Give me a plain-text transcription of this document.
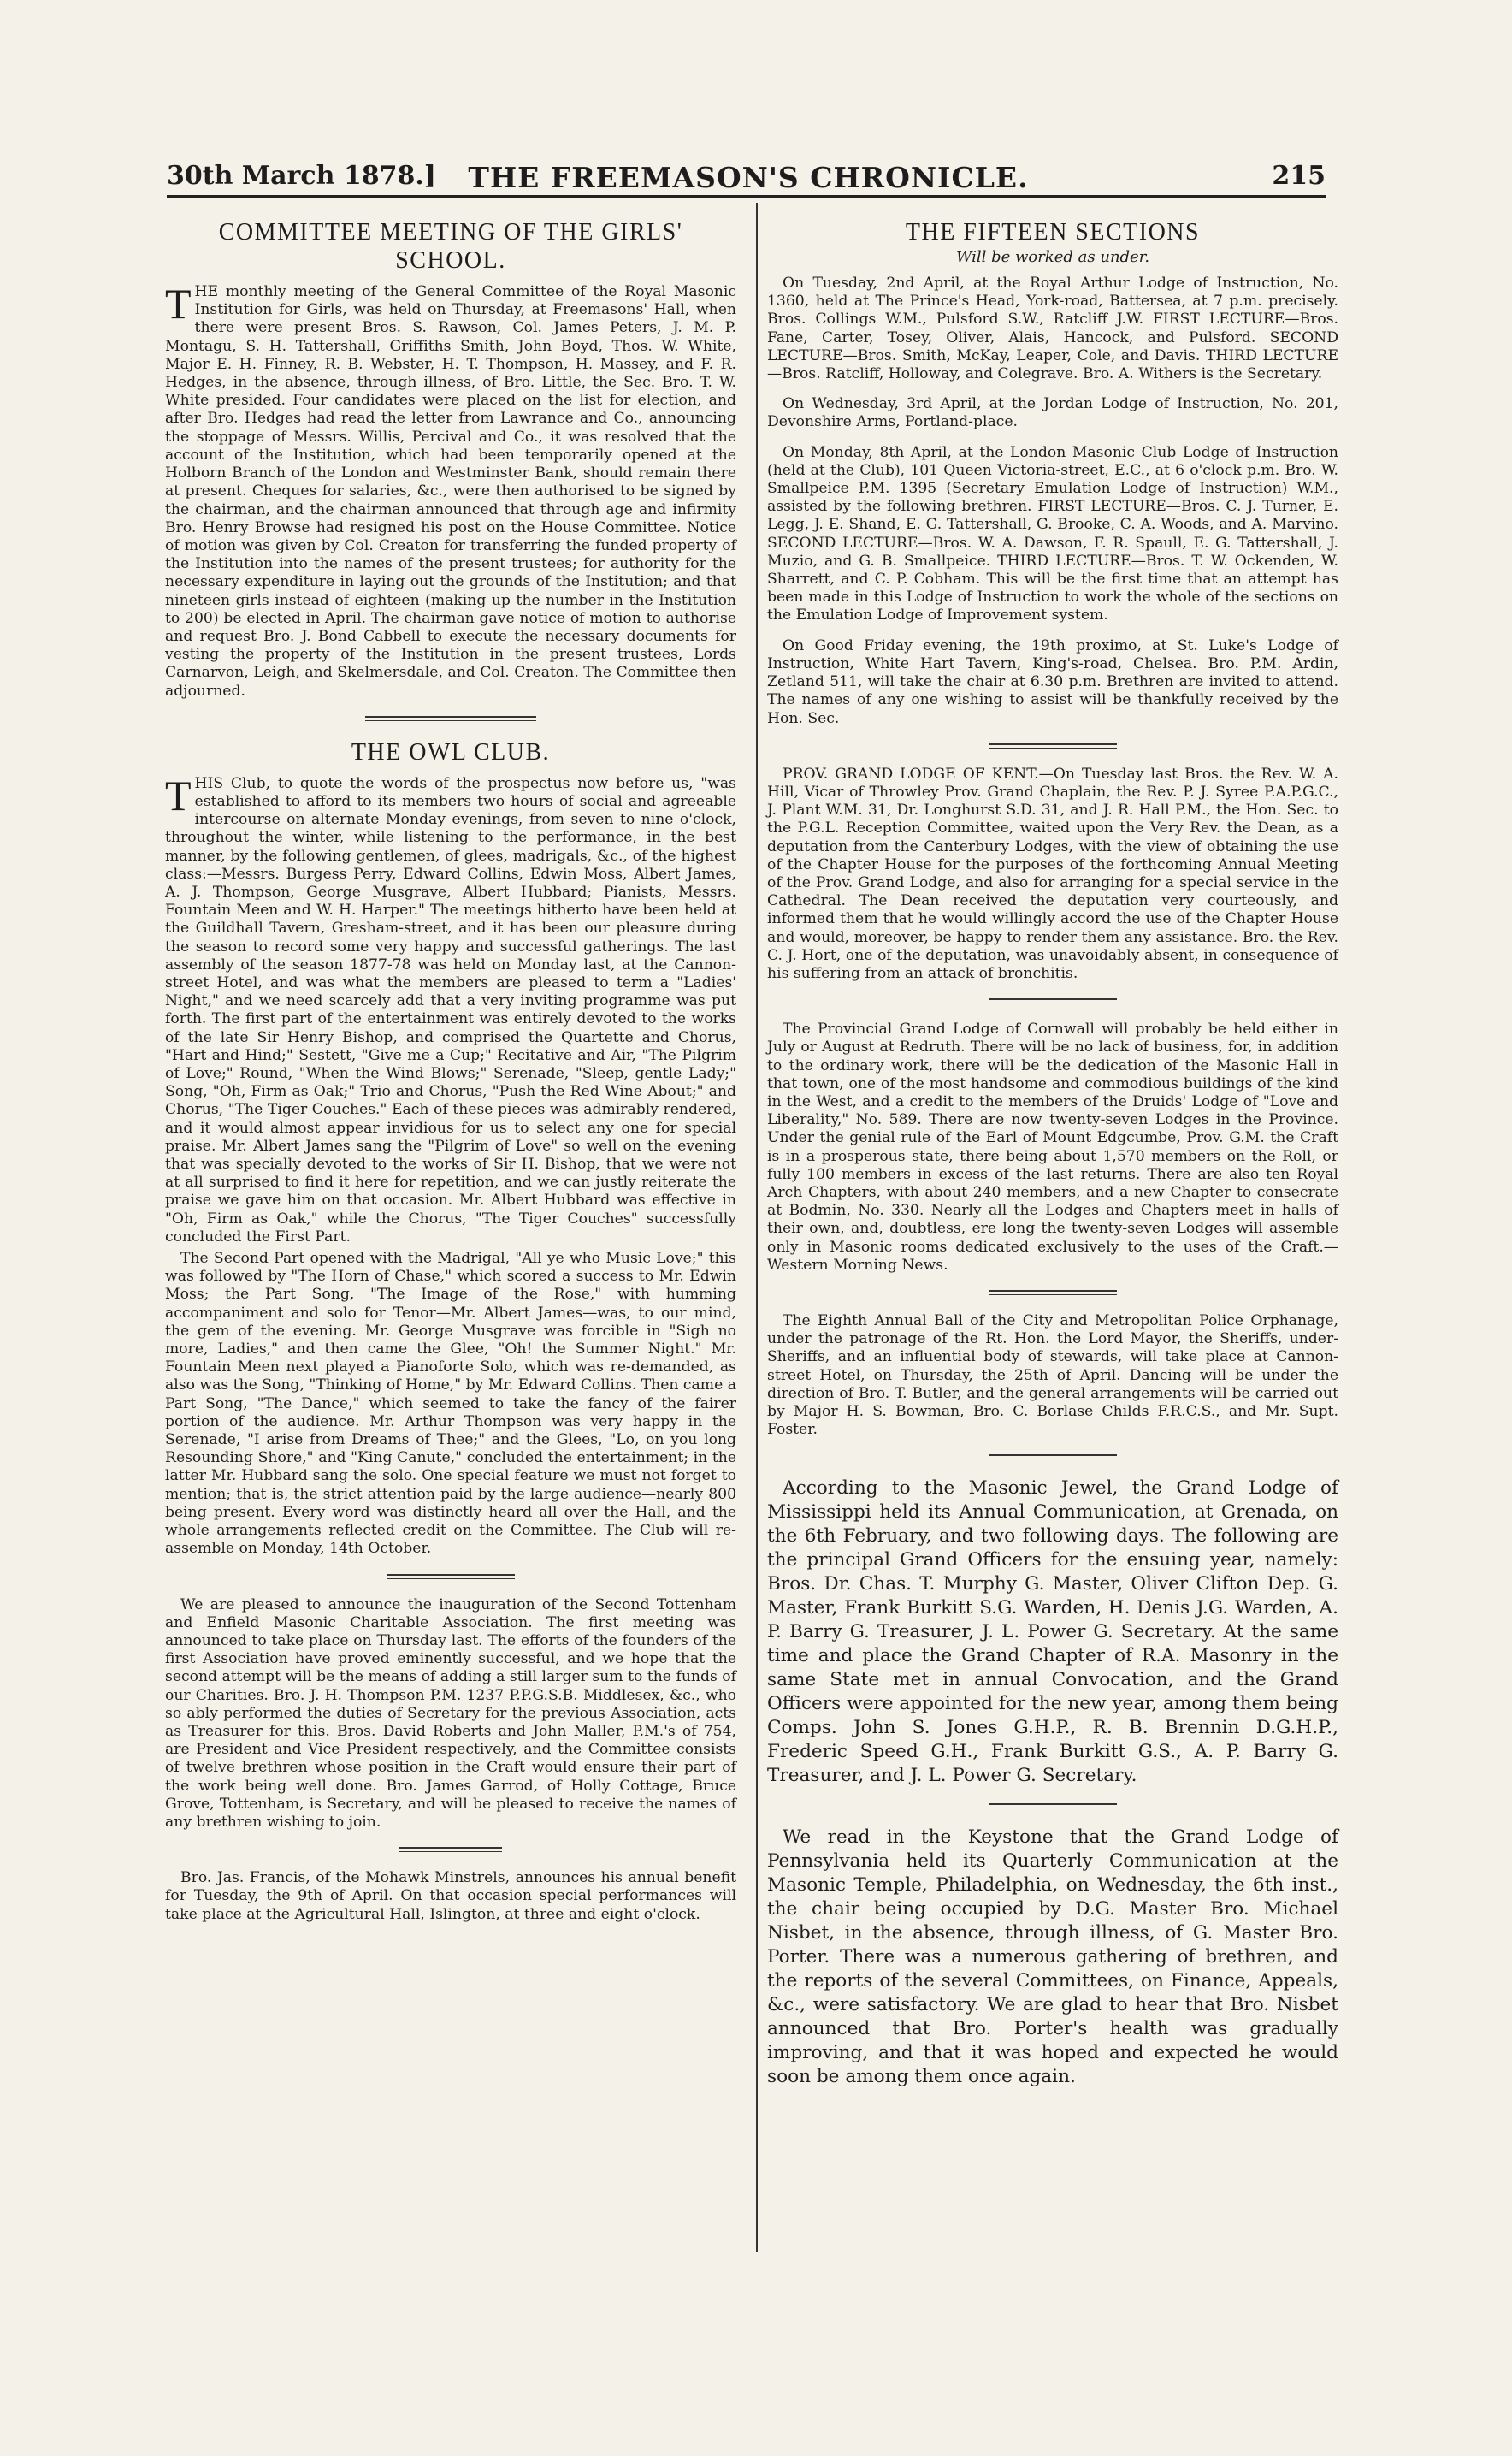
30th March 1878.]	THE FREEMASON'S CHRONICLE.	215
COMMITTEE MEETING OF THE GIRLS' SCHOOL.
T HE monthly meeting of the General Committee of the Royal Masonic Institution for Girls, was held on Thursday, at Freemasons' Hall, when there were present Bros. S. Rawson, Col. James Peters, J. M. P. Montagu, S. H. Tattershall, Griffiths Smith, John Boyd, Thos. W. White, Major E. H. Finney, R. B. Webster, H. T. Thompson, H. Massey, and F. R. Hedges, in the absence, through illness, of Bro. Little, the Sec. Bro. T. W. White presided. Four candidates were placed on the list for election, and after Bro. Hedges had read the letter from Lawrance and Co., announcing the stoppage of Messrs. Willis, Percival and Co., it was resolved that the account of the Institution, which had been temporarily opened at the Holborn Branch of the London and Westminster Bank, should remain there at present. Cheques for salaries, &c., were then authorised to be signed by the chairman, and the chairman announced that through age and infirmity Bro. Henry Browse had resigned his post on the House Committee. Notice of motion was given by Col. Creaton for transferring the funded property of the Institution into the names of the present trustees; for authority for the necessary expenditure in laying out the grounds of the Institution; and that nineteen girls instead of eighteen (making up the number in the Institution to 200) be elected in April. The chairman gave notice of motion to authorise and request Bro. J. Bond Cabbell to execute the necessary documents for vesting the property of the Institution in the present trustees, Lords Carnarvon, Leigh, and Skelmersdale, and Col. Creaton. The Committee then adjourned.

THE OWL CLUB.
T HIS Club, to quote the words of the prospectus now before us, "was established to afford to its members two hours of social and agreeable intercourse on alternate Monday evenings, from seven to nine o'clock, throughout the winter, while listening to the performance, in the best manner, by the following gentlemen, of glees, madrigals, &c., of the highest class:—Messrs. Burgess Perry, Edward Collins, Edwin Moss, Albert James, A. J. Thompson, George Musgrave, Albert Hubbard; Pianists, Messrs. Fountain Meen and W. H. Harper." The meetings hitherto have been held at the Guildhall Tavern, Gresham-street, and it has been our pleasure during the season to record some very happy and successful gatherings. The last assembly of the season 1877-78 was held on Monday last, at the Cannon-street Hotel, and was what the members are pleased to term a "Ladies' Night," and we need scarcely add that a very inviting programme was put forth. The first part of the entertainment was entirely devoted to the works of the late Sir Henry Bishop, and comprised the Quartette and Chorus, "Hart and Hind;" Sestett, "Give me a Cup;" Recitative and Air, "The Pilgrim of Love;" Round, "When the Wind Blows;" Serenade, "Sleep, gentle Lady;" Song, "Oh, Firm as Oak;" Trio and Chorus, "Push the Red Wine About;" and Chorus, "The Tiger Couches." Each of these pieces was admirably rendered, and it would almost appear invidious for us to select any one for special praise. Mr. Albert James sang the "Pilgrim of Love" so well on the evening that was specially devoted to the works of Sir H. Bishop, that we were not at all surprised to find it here for repetition, and we can justly reiterate the praise we gave him on that occasion. Mr. Albert Hubbard was effective in "Oh, Firm as Oak," while the Chorus, "The Tiger Couches" successfully concluded the First Part.

The Second Part opened with the Madrigal, "All ye who Music Love;" this was followed by "The Horn of Chase," which scored a success to Mr. Edwin Moss; the Part Song, "The Image of the Rose," with humming accompaniment and solo for Tenor—Mr. Albert James—was, to our mind, the gem of the evening. Mr. George Musgrave was forcible in "Sigh no more, Ladies," and then came the Glee, "Oh! the Summer Night." Mr. Fountain Meen next played a Pianoforte Solo, which was re-demanded, as also was the Song, "Thinking of Home," by Mr. Edward Collins. Then came a Part Song, "The Dance," which seemed to take the fancy of the fairer portion of the audience. Mr. Arthur Thompson was very happy in the Serenade, "I arise from Dreams of Thee;" and the Glees, "Lo, on you long Resounding Shore," and "King Canute," concluded the entertainment; in the latter Mr. Hubbard sang the solo. One special feature we must not forget to mention; that is, the strict attention paid by the large audience—nearly 800 being present. Every word was distinctly heard all over the Hall, and the whole arrangements reflected credit on the Committee. The Club will re-assemble on Monday, 14th October.

We are pleased to announce the inauguration of the Second Tottenham and Enfield Masonic Charitable Association. The first meeting was announced to take place on Thursday last. The efforts of the founders of the first Association have proved eminently successful, and we hope that the second attempt will be the means of adding a still larger sum to the funds of our Charities. Bro. J. H. Thompson P.M. 1237 P.P.G.S.B. Middlesex, &c., who so ably performed the duties of Secretary for the previous Association, acts as Treasurer for this. Bros. David Roberts and John Maller, P.M.'s of 754, are President and Vice President respectively, and the Committee consists of twelve brethren whose position in the Craft would ensure their part of the work being well done. Bro. James Garrod, of Holly Cottage, Bruce Grove, Tottenham, is Secretary, and will be pleased to receive the names of any brethren wishing to join.

Bro. Jas. Francis, of the Mohawk Minstrels, announces his annual benefit for Tuesday, the 9th of April. On that occasion special performances will take place at the Agricultural Hall, Islington, at three and eight o'clock.

THE FIFTEEN SECTIONS

Will be worked as under.

On Tuesday, 2nd April, at the Royal Arthur Lodge of Instruction, No. 1360, held at The Prince's Head, York-road, Battersea, at 7 p.m. precisely. Bros. Collings W.M., Pulsford S.W., Ratcliff J.W. FIRST LECTURE—Bros. Fane, Carter, Tosey, Oliver, Alais, Hancock, and Pulsford. SECOND LECTURE—Bros. Smith, McKay, Leaper, Cole, and Davis. THIRD LECTURE—Bros. Ratcliff, Holloway, and Colegrave. Bro. A. Withers is the Secretary.

On Wednesday, 3rd April, at the Jordan Lodge of Instruction, No. 201, Devonshire Arms, Portland-place.

On Monday, 8th April, at the London Masonic Club Lodge of Instruction (held at the Club), 101 Queen Victoria-street, E.C., at 6 o'clock p.m. Bro. W. Smallpeice P.M. 1395 (Secretary Emulation Lodge of Instruction) W.M., assisted by the following brethren. FIRST LECTURE—Bros. C. J. Turner, E. Legg, J. E. Shand, E. G. Tattershall, G. Brooke, C. A. Woods, and A. Marvino. SECOND LECTURE—Bros. W. A. Dawson, F. R. Spaull, E. G. Tattershall, J. Muzio, and G. B. Smallpeice. THIRD LECTURE—Bros. T. W. Ockenden, W. Sharrett, and C. P. Cobham. This will be the first time that an attempt has been made in this Lodge of Instruction to work the whole of the sections on the Emulation Lodge of Improvement system.

On Good Friday evening, the 19th proximo, at St. Luke's Lodge of Instruction, White Hart Tavern, King's-road, Chelsea. Bro. P.M. Ardin, Zetland 511, will take the chair at 6.30 p.m. Brethren are invited to attend. The names of any one wishing to assist will be thankfully received by the Hon. Sec.

PROV. GRAND LODGE OF KENT.—On Tuesday last Bros. the Rev. W. A. Hill, Vicar of Throwley Prov. Grand Chaplain, the Rev. P. J. Syree P.A.P.G.C., J. Plant W.M. 31, Dr. Longhurst S.D. 31, and J. R. Hall P.M., the Hon. Sec. to the P.G.L. Reception Committee, waited upon the Very Rev. the Dean, as a deputation from the Canterbury Lodges, with the view of obtaining the use of the Chapter House for the purposes of the forthcoming Annual Meeting of the Prov. Grand Lodge, and also for arranging for a special service in the Cathedral. The Dean received the deputation very courteously, and informed them that he would willingly accord the use of the Chapter House and would, moreover, be happy to render them any assistance. Bro. the Rev. C. J. Hort, one of the deputation, was unavoidably absent, in consequence of his suffering from an attack of bronchitis.

The Provincial Grand Lodge of Cornwall will probably be held either in July or August at Redruth. There will be no lack of business, for, in addition to the ordinary work, there will be the dedication of the Masonic Hall in that town, one of the most handsome and commodious buildings of the kind in the West, and a credit to the members of the Druids' Lodge of "Love and Liberality," No. 589. There are now twenty-seven Lodges in the Province. Under the genial rule of the Earl of Mount Edgcumbe, Prov. G.M. the Craft is in a prosperous state, there being about 1,570 members on the Roll, or fully 100 members in excess of the last returns. There are also ten Royal Arch Chapters, with about 240 members, and a new Chapter to consecrate at Bodmin, No. 330. Nearly all the Lodges and Chapters meet in halls of their own, and, doubtless, ere long the twenty-seven Lodges will assemble only in Masonic rooms dedicated exclusively to the uses of the Craft.—Western Morning News.

The Eighth Annual Ball of the City and Metropolitan Police Orphanage, under the patronage of the Rt. Hon. the Lord Mayor, the Sheriffs, under-Sheriffs, and an influential body of stewards, will take place at Cannon-street Hotel, on Thursday, the 25th of April. Dancing will be under the direction of Bro. T. Butler, and the general arrangements will be carried out by Major H. S. Bowman, Bro. C. Borlase Childs F.R.C.S., and Mr. Supt. Foster.

According to the Masonic Jewel, the Grand Lodge of Mississippi held its Annual Communication, at Grenada, on the 6th February, and two following days. The following are the principal Grand Officers for the ensuing year, namely: Bros. Dr. Chas. T. Murphy G. Master, Oliver Clifton Dep. G. Master, Frank Burkitt S.G. Warden, H. Denis J.G. Warden, A. P. Barry G. Treasurer, J. L. Power G. Secretary. At the same time and place the Grand Chapter of R.A. Masonry in the same State met in annual Convocation, and the Grand Officers were appointed for the new year, among them being Comps. John S. Jones G.H.P., R. B. Brennin D.G.H.P., Frederic Speed G.H., Frank Burkitt G.S., A. P. Barry G. Treasurer, and J. L. Power G. Secretary.

We read in the Keystone that the Grand Lodge of Pennsylvania held its Quarterly Communication at the Masonic Temple, Philadelphia, on Wednesday, the 6th inst., the chair being occupied by D.G. Master Bro. Michael Nisbet, in the absence, through illness, of G. Master Bro. Porter. There was a numerous gathering of brethren, and the reports of the several Committees, on Finance, Appeals, &c., were satisfactory. We are glad to hear that Bro. Nisbet announced that Bro. Porter's health was gradually improving, and that it was hoped and expected he would soon be among them once again.
